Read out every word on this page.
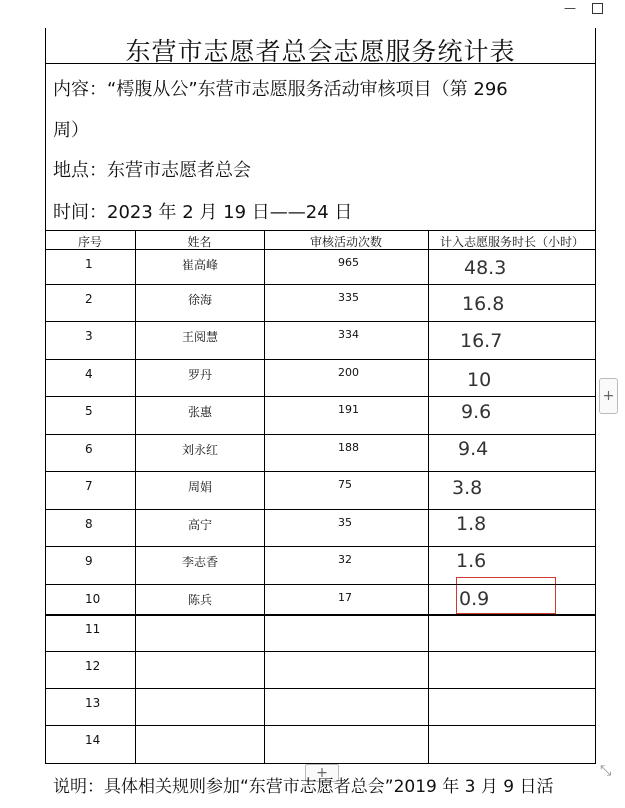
—
东营市志愿者总会志愿服务统计表
内容：“樗腹从公”东营市志愿服务活动审核项目（第 296
周）
地点：东营市志愿者总会
时间：2023 年 2 月 19 日——24 日
序号	姓名	审核活动次数	计入志愿服务时长（小时）
1	崔高峰	965	48.3
2	徐海	335	16.8
3	王阅慧	334	16.7
4	罗丹	200	10
5	张惠	191	9.6
6	刘永红	188	9.4
7	周娟	75	3.8
8	高宁	35	1.8
9	李志香	32	1.6
10	陈兵	17	0.9
11
12
13
14
+
+	⤡
说明：具体相关规则参加“东营市志愿者总会”2019 年 3 月 9 日活
